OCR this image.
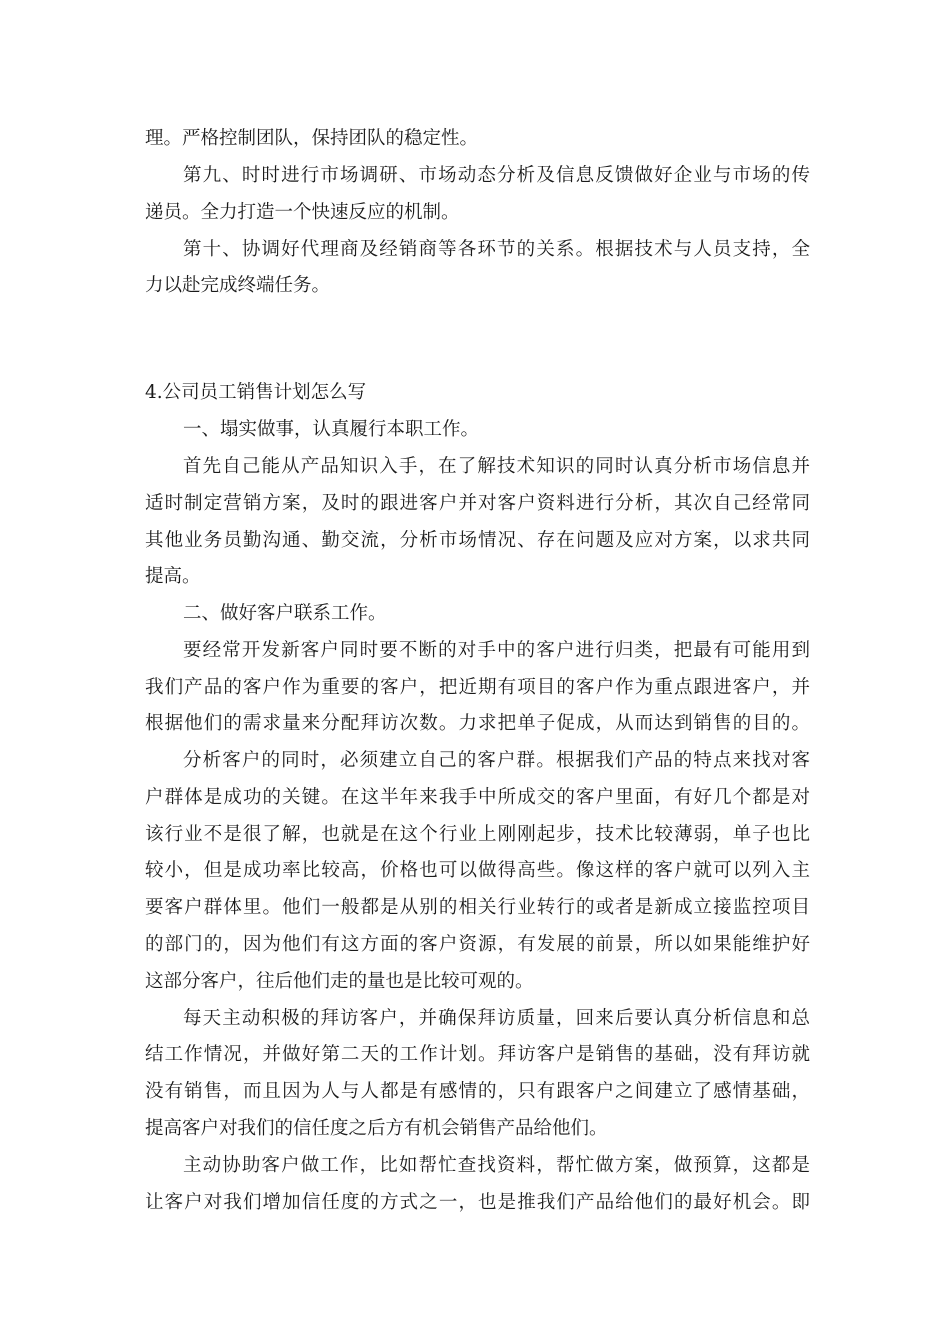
理。严格控制团队，保持团队的稳定性。

第九、时时进行市场调研、市场动态分析及信息反馈做好企业与市场的传

递员。全力打造一个快速反应的机制。

第十、协调好代理商及经销商等各环节的关系。根据技术与人员支持，全

力以赴完成终端任务。

4.公司员工销售计划怎么写

一、塌实做事，认真履行本职工作。

首先自己能从产品知识入手，在了解技术知识的同时认真分析市场信息并

适时制定营销方案，及时的跟进客户并对客户资料进行分析，其次自己经常同

其他业务员勤沟通、勤交流，分析市场情况、存在问题及应对方案，以求共同

提高。

二、做好客户联系工作。

要经常开发新客户同时要不断的对手中的客户进行归类，把最有可能用到

我们产品的客户作为重要的客户，把近期有项目的客户作为重点跟进客户，并

根据他们的需求量来分配拜访次数。力求把单子促成，从而达到销售的目的。

分析客户的同时，必须建立自己的客户群。根据我们产品的特点来找对客

户群体是成功的关键。在这半年来我手中所成交的客户里面，有好几个都是对

该行业不是很了解，也就是在这个行业上刚刚起步，技术比较薄弱，单子也比

较小，但是成功率比较高，价格也可以做得高些。像这样的客户就可以列入主

要客户群体里。他们一般都是从别的相关行业转行的或者是新成立接监控项目

的部门的，因为他们有这方面的客户资源，有发展的前景，所以如果能维护好

这部分客户，往后他们走的量也是比较可观的。

每天主动积极的拜访客户，并确保拜访质量，回来后要认真分析信息和总

结工作情况，并做好第二天的工作计划。拜访客户是销售的基础，没有拜访就

没有销售，而且因为人与人都是有感情的，只有跟客户之间建立了感情基础，

提高客户对我们的信任度之后方有机会销售产品给他们。

主动协助客户做工作，比如帮忙查找资料，帮忙做方案，做预算，这都是

让客户对我们增加信任度的方式之一，也是推我们产品给他们的最好机会。即
